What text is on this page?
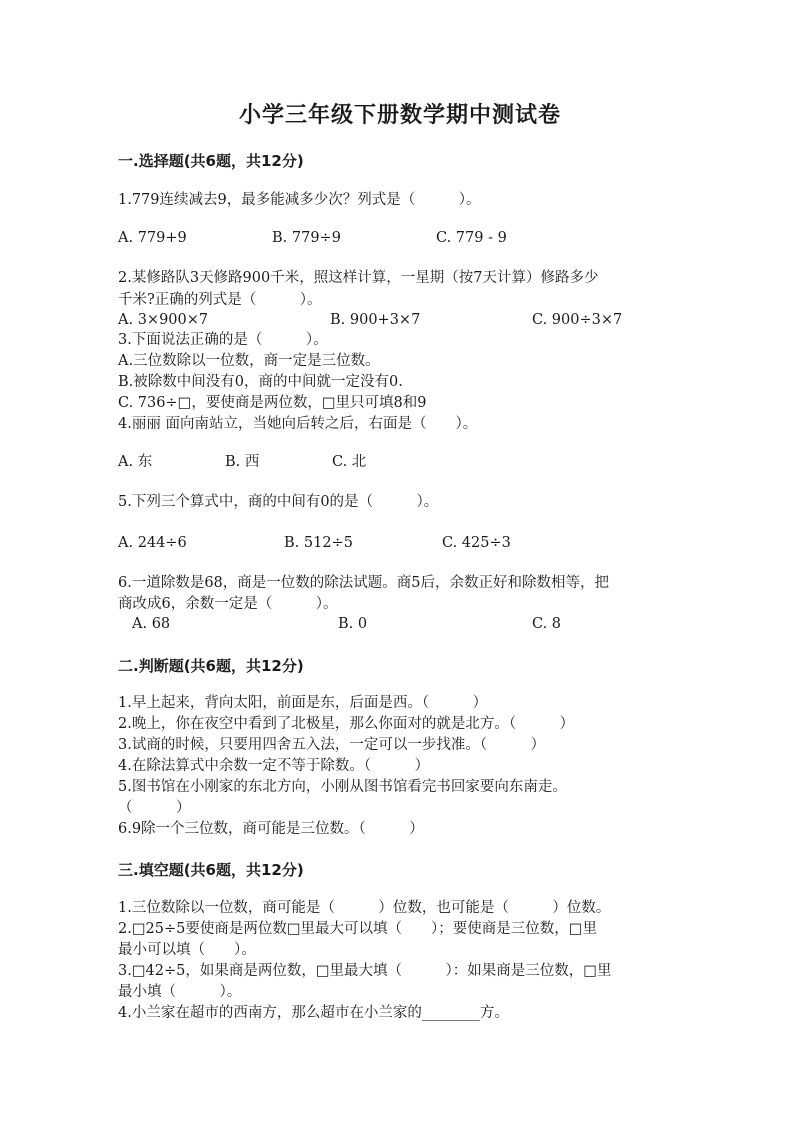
小学三年级下册数学期中测试卷
一.选择题(共6题，共12分)
1.779连续减去9，最多能减多少次？列式是（　　　）。
A. 779+9	B. 779÷9	C. 779 - 9
2.某修路队3天修路900千米，照这样计算，一星期（按7天计算）修路多少
千米?正确的列式是（　　　）。
A. 3×900×7	B. 900+3×7	C. 900÷3×7
3.下面说法正确的是（　　　）。
A.三位数除以一位数，商一定是三位数。
B.被除数中间没有0，商的中间就一定没有0.
C. 736÷□，要使商是两位数，□里只可填8和9
4.丽丽 面向南站立，当她向后转之后，右面是（　　）。
A. 东	B. 西	C. 北
5.下列三个算式中，商的中间有0的是（　　　）。
A. 244÷6	B. 512÷5	C. 425÷3
6.一道除数是68，商是一位数的除法试题。商5后，余数正好和除数相等，把
商改成6，余数一定是（　　　）。
A. 68	B. 0	C. 8
二.判断题(共6题，共12分)
1.早上起来，背向太阳，前面是东，后面是西。（　　　）
2.晚上，你在夜空中看到了北极星，那么你面对的就是北方。（　　　）
3.试商的时候，只要用四舍五入法，一定可以一步找准。（　　　）
4.在除法算式中余数一定不等于除数。（　　　）
5.图书馆在小刚家的东北方向，小刚从图书馆看完书回家要向东南走。
（　　　）
6.9除一个三位数，商可能是三位数。（　　　）
三.填空题(共6题，共12分)
1.三位数除以一位数，商可能是（　　　）位数，也可能是（　　　）位数。
2.□25÷5要使商是两位数□里最大可以填（　　）；要使商是三位数，□里
最小可以填（　　）。
3.□42÷5，如果商是两位数，□里最大填（　　　）：如果商是三位数，□里
最小填（　　　）。
4.小兰家在超市的西南方，那么超市在小兰家的________方。
